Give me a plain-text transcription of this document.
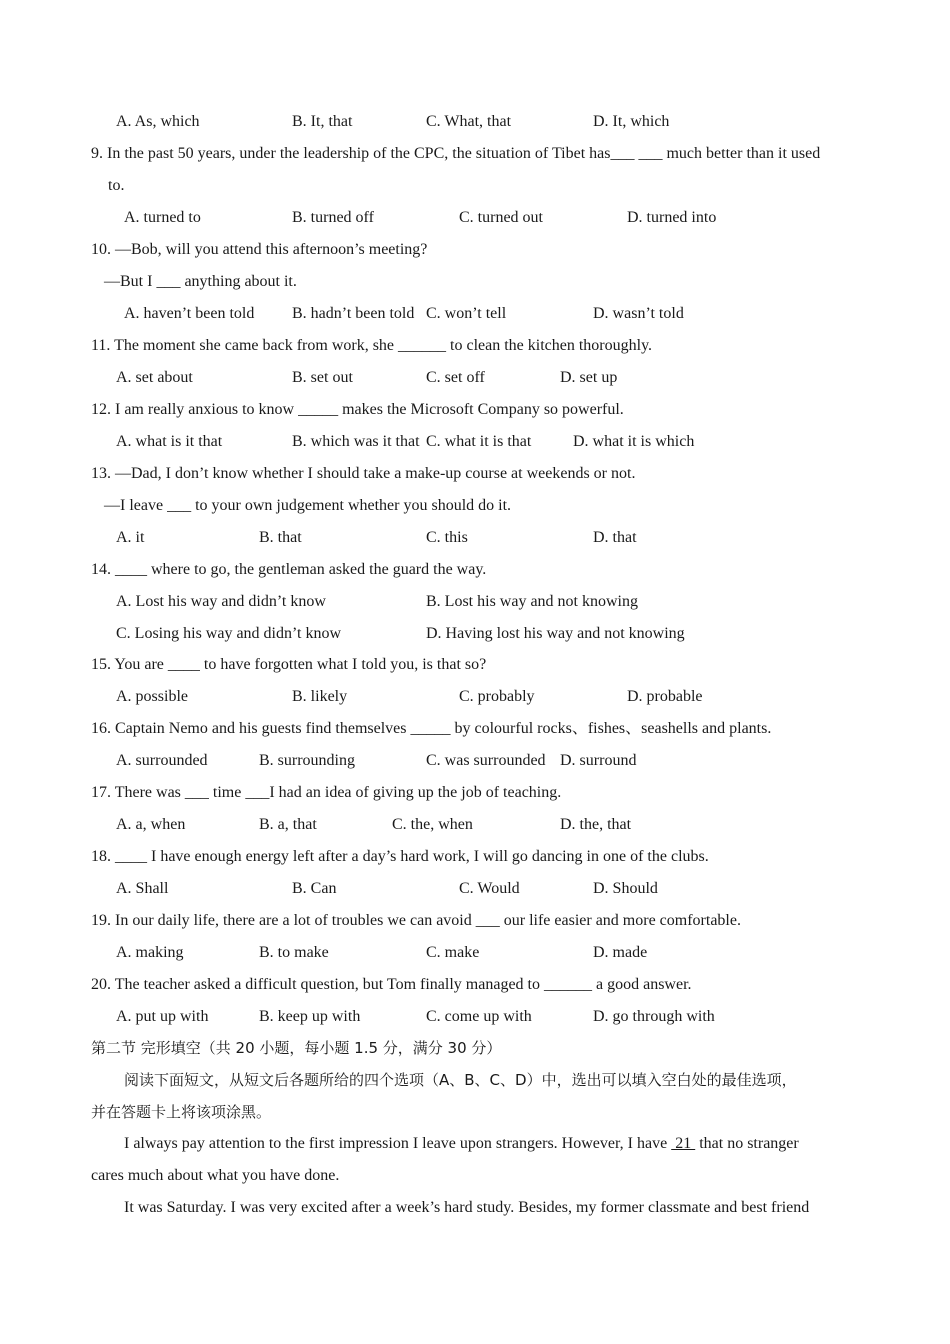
A. As, which	B. It, that	C. What, that	D. It, which
9. In the past 50 years, under the leadership of the CPC, the situation of Tibet has___ ___ much better than it used
to.
A. turned to	B. turned off	C. turned out	D. turned into
10. —Bob, will you attend this afternoon’s meeting?
—But I ___ anything about it.
A. haven’t been told B. hadn’t been told C. won’t tell	D. wasn’t told
11. The moment she came back from work, she ______ to clean the kitchen thoroughly.
A. set about	B. set out	C. set off	D. set up
12. I am really anxious to know _____ makes the Microsoft Company so powerful.
A. what is it that	B. which was it that C. what it is that	D. what it is which
13. —Dad, I don’t know whether I should take a make-up course at weekends or not.
—I leave ___ to your own judgement whether you should do it.
A. it	B. that	C. this	D. that
14. ____ where to go, the gentleman asked the guard the way.
A. Lost his way and didn’t know	B. Lost his way and not knowing
C. Losing his way and didn’t know	D. Having lost his way and not knowing
15. You are ____ to have forgotten what I told you, is that so?
A. possible	B. likely	C. probably	D. probable
16. Captain Nemo and his guests find themselves _____ by colourful rocks、fishes、seashells and plants.
A. surrounded	B. surrounding	C. was surrounded D. surround
17. There was ___ time ___I had an idea of giving up the job of teaching.
A. a, when	B. a, that	C. the, when	D. the, that
18. ____ I have enough energy left after a day’s hard work, I will go dancing in one of the clubs.
A. Shall	B. Can	C. Would	D. Should
19. In our daily life, there are a lot of troubles we can avoid ___ our life easier and more comfortable.
A. making	B. to make	C. make	D. made
20. The teacher asked a difficult question, but Tom finally managed to ______ a good answer.
A. put up with	B. keep up with	C. come up with	D. go through with
第二节 完形填空（共 20 小题，每小题 1.5 分，满分 30 分）
阅读下面短文，从短文后各题所给的四个选项（A、B、C、D）中，选出可以填入空白处的最佳选项，
并在答题卡上将该项涂黑。
I always pay attention to the first impression I leave upon strangers. However, I have  21  that no stranger
cares much about what you have done.
It was Saturday. I was very excited after a week’s hard study. Besides, my former classmate and best friend
